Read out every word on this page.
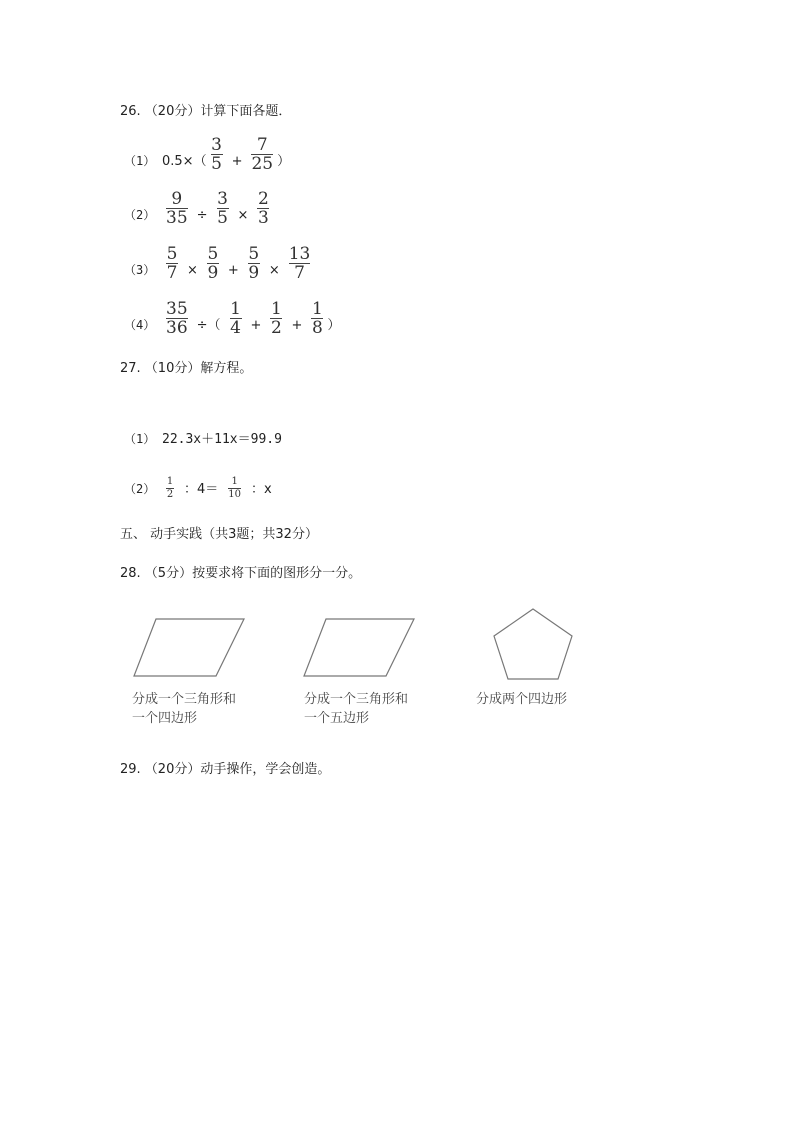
26. （20分）计算下面各题．
（1） $0.5\times( \frac{3}{5} + \frac{7}{25}$ ）
$(2) \frac{9}{35} \div \frac{3}{5} \times \frac{2}{3}$
$(3) \frac{5}{7} \times \frac{5}{9} + \frac{5}{9} \times \frac{13}{7}$
$(4) \frac{35}{36}$ ÷（ $\frac{1}{4} + \frac{1}{2} + \frac{1}{8}$ ）
27. （10分）解方程。
（1） 22.3x＋11x＝99.9
（2）	$\frac{1}{2}$ ：4＝	$\frac{1}{10}$ ：x
五、 动手实践（共3题；共32分）
28. （5分）按要求将下面的图形分一分。
分成一个三角形和
一个四边形
分成一个三角形和
一个五边形
分成两个四边形
29. （20分）动手操作，学会创造。
